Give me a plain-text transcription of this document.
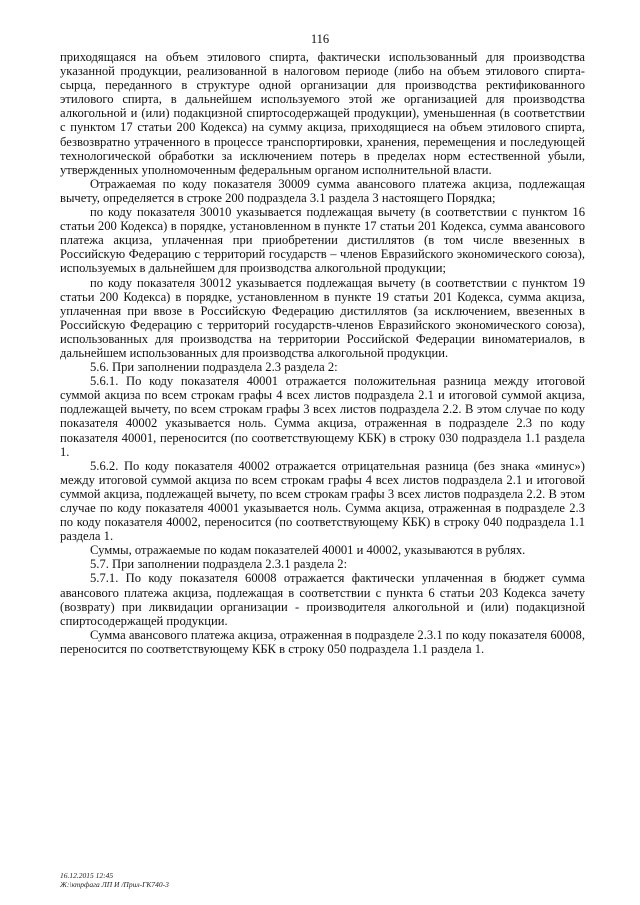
116

приходящаяся на объем этилового спирта, фактически использованный для производства указанной продукции, реализованной в налоговом периоде (либо на объем этилового спирта-сырца, переданного в структуре одной организации для производства ректификованного этилового спирта, в дальнейшем используемого этой же организацией для производства алкогольной и (или) подакцизной спиртосодержащей продукции), уменьшенная (в соответствии с пунктом 17 статьи 200 Кодекса) на сумму акциза, приходящиеся на объем этилового спирта, безвозвратно утраченного в процессе транспортировки, хранения, перемещения и последующей технологической обработки за исключением потерь в пределах норм естественной убыли, утвержденных уполномоченным федеральным органом исполнительной власти.

Отражаемая по коду показателя 30009 сумма авансового платежа акциза, подлежащая вычету, определяется в строке 200 подраздела 3.1 раздела 3 настоящего Порядка;

по коду показателя 30010 указывается подлежащая вычету (в соответствии с пунктом 16 статьи 200 Кодекса) в порядке, установленном в пункте 17 статьи 201 Кодекса, сумма авансового платежа акциза, уплаченная при приобретении дистиллятов (в том числе ввезенных в Российскую Федерацию с территорий государств – членов Евразийского экономического союза), используемых в дальнейшем для производства алкогольной продукции;

по коду показателя 30012 указывается подлежащая вычету (в соответствии с пунктом 19 статьи 200 Кодекса) в порядке, установленном в пункте 19 статьи 201 Кодекса, сумма акциза, уплаченная при ввозе в Российскую Федерацию дистиллятов (за исключением, ввезенных в Российскую Федерацию с территорий государств-членов Евразийского экономического союза), использованных для производства на территории Российской Федерации виноматериалов, в дальнейшем использованных для производства алкогольной продукции.

5.6. При заполнении подраздела 2.3 раздела 2:

5.6.1. По коду показателя 40001 отражается положительная разница между итоговой суммой акциза по всем строкам графы 4 всех листов подраздела 2.1 и итоговой суммой акциза, подлежащей вычету, по всем строкам графы 3 всех листов подраздела 2.2. В этом случае по коду показателя 40002 указывается ноль. Сумма акциза, отраженная в подразделе 2.3 по коду показателя 40001, переносится (по соответствующему КБК) в строку 030 подраздела 1.1 раздела 1.

5.6.2. По коду показателя 40002 отражается отрицательная разница (без знака «минус») между итоговой суммой акциза по всем строкам графы 4 всех листов подраздела 2.1 и итоговой суммой акциза, подлежащей вычету, по всем строкам графы 3 всех листов подраздела 2.2. В этом случае по коду показателя 40001 указывается ноль. Сумма акциза, отраженная в подразделе 2.3 по коду показателя 40002, переносится (по соответствующему КБК) в строку 040 подраздела 1.1 раздела 1.

Суммы, отражаемые по кодам показателей 40001 и 40002, указываются в рублях.

5.7. При заполнении подраздела 2.3.1 раздела 2:

5.7.1. По коду показателя 60008 отражается фактически уплаченная в бюджет сумма авансового платежа акциза, подлежащая в соответствии с пункта 6 статьи 203 Кодекса зачету (возврату) при ликвидации организации - производителя алкогольной и (или) подакцизной спиртосодержащей продукции.

Сумма авансового платежа акциза, отраженная в подразделе 2.3.1 по коду показателя 60008, переносится по соответствующему КБК в строку 050 подраздела 1.1 раздела 1.

16.12.2015 12:45
Ж:\ктрфага ЛП И /Прил-ГК740-3
